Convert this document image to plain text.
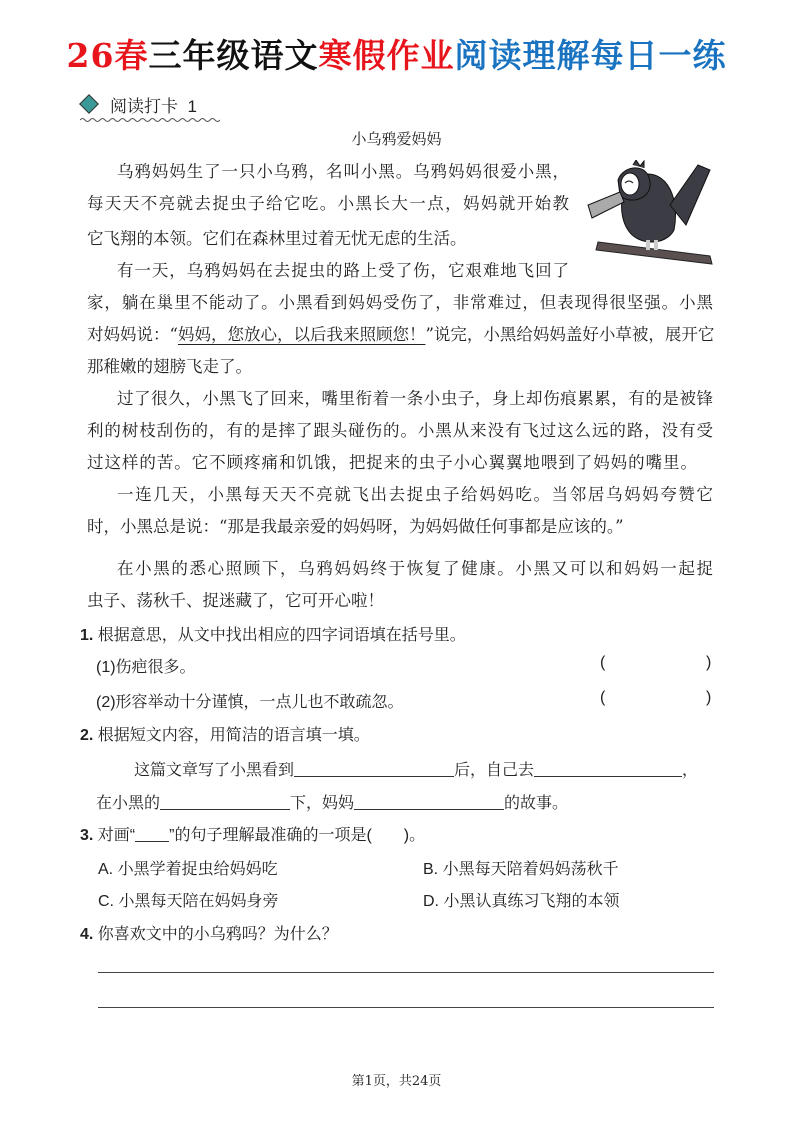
26春三年级语文寒假作业阅读理解每日一练
阅读打卡  1
小乌鸦爱妈妈
乌鸦妈妈生了一只小乌鸦，名叫小黑。乌鸦妈妈很爱小黑，
每天天不亮就去捉虫子给它吃。小黑长大一点，妈妈就开始教
它飞翔的本领。它们在森林里过着无忧无虑的生活。
有一天，乌鸦妈妈在去捉虫的路上受了伤，它艰难地飞回了
家，躺在巢里不能动了。小黑看到妈妈受伤了，非常难过，但表现得很坚强。小黑
对妈妈说：“妈妈，您放心，以后我来照顾您！”说完，小黑给妈妈盖好小草被，展开它
那稚嫩的翅膀飞走了。
过了很久，小黑飞了回来，嘴里衔着一条小虫子，身上却伤痕累累，有的是被锋
利的树枝刮伤的，有的是摔了跟头碰伤的。小黑从来没有飞过这么远的路，没有受
过这样的苦。它不顾疼痛和饥饿，把捉来的虫子小心翼翼地喂到了妈妈的嘴里。
一连几天，小黑每天天不亮就飞出去捉虫子给妈妈吃。当邻居乌妈妈夸赞它
时，小黑总是说：“那是我最亲爱的妈妈呀，为妈妈做任何事都是应该的。”
在小黑的悉心照顾下，乌鸦妈妈终于恢复了健康。小黑又可以和妈妈一起捉
虫子、荡秋千、捉迷藏了，它可开心啦！
1. 根据意思，从文中找出相应的四字词语填在括号里。
(1)伤疤很多。	(	)
(2)形容举动十分谨慎，一点儿也不敢疏忽。	(	)
2. 根据短文内容，用简洁的语言填一填。
这篇文章写了小黑看到	后，自己去	，
在小黑的	下，妈妈	的故事。
3. 对画“ ”的句子理解最准确的一项是(　　)。
A. 小黑学着捉虫给妈妈吃	B. 小黑每天陪着妈妈荡秋千
C. 小黑每天陪在妈妈身旁	D. 小黑认真练习飞翔的本领
4. 你喜欢文中的小乌鸦吗？为什么？
第1页，共24页
